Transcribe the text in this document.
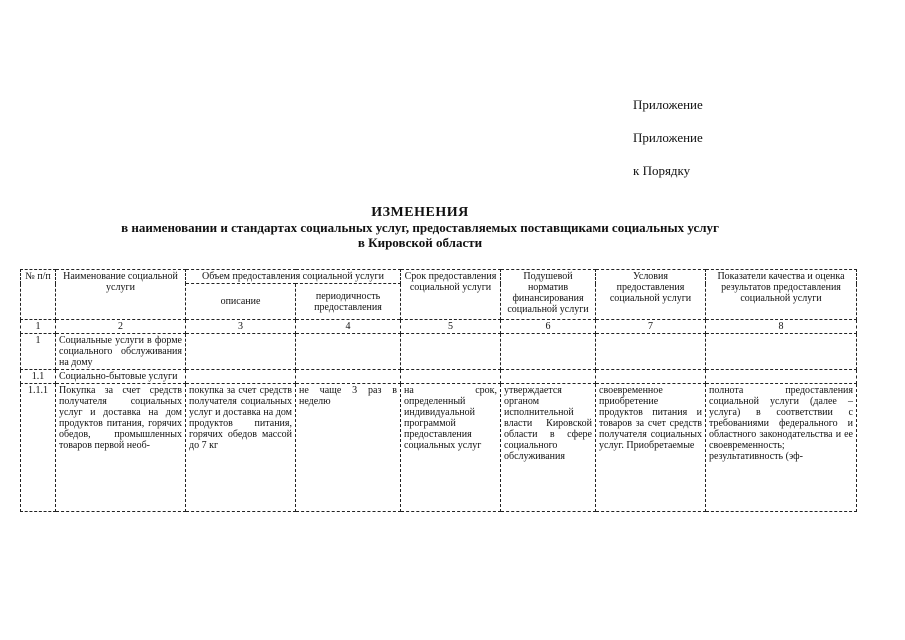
Приложение
Приложение
к Порядку
ИЗМЕНЕНИЯ
в наименовании и стандартах социальных услуг, предоставляемых поставщиками социальных услуг
в Кировской области
№ п/п	Наименование социальной услуги	Объем предоставления социальной услуги		Срок предоставления социальной услуги	Подушевой норматив финансирования социальной услуги	Условия предоставления социальной услуги	Показатели качества и оценка результатов предоставления социальной услуги
		описание	периодичность предоставления				
1	2	3	4	5	6	7	8
1	Социальные услуги в форме социального обслуживания на дому						
1.1	Социально-бытовые услуги						
1.1.1	Покупка за счет средств получателя социальных услуг и доставка на дом продуктов питания, горячих обедов, промышленных товаров первой необ-	покупка за счет средств получателя социальных услуг и доставка на дом продуктов питания, горячих обедов массой до 7 кг	не чаще 3 раз в неделю	на срок, определенный индивидуальной программой предоставления социальных услуг	утверждается органом исполнительной власти Кировской области в сфере социального обслуживания	своевременное приобретение продуктов питания и товаров за счет средств получателя социальных услуг. Приобретаемые	полнота предоставления социальной услуги (далее – услуга) в соответствии с требованиями федерального и областного законодательства и ее своевременность; результативность (эф-
